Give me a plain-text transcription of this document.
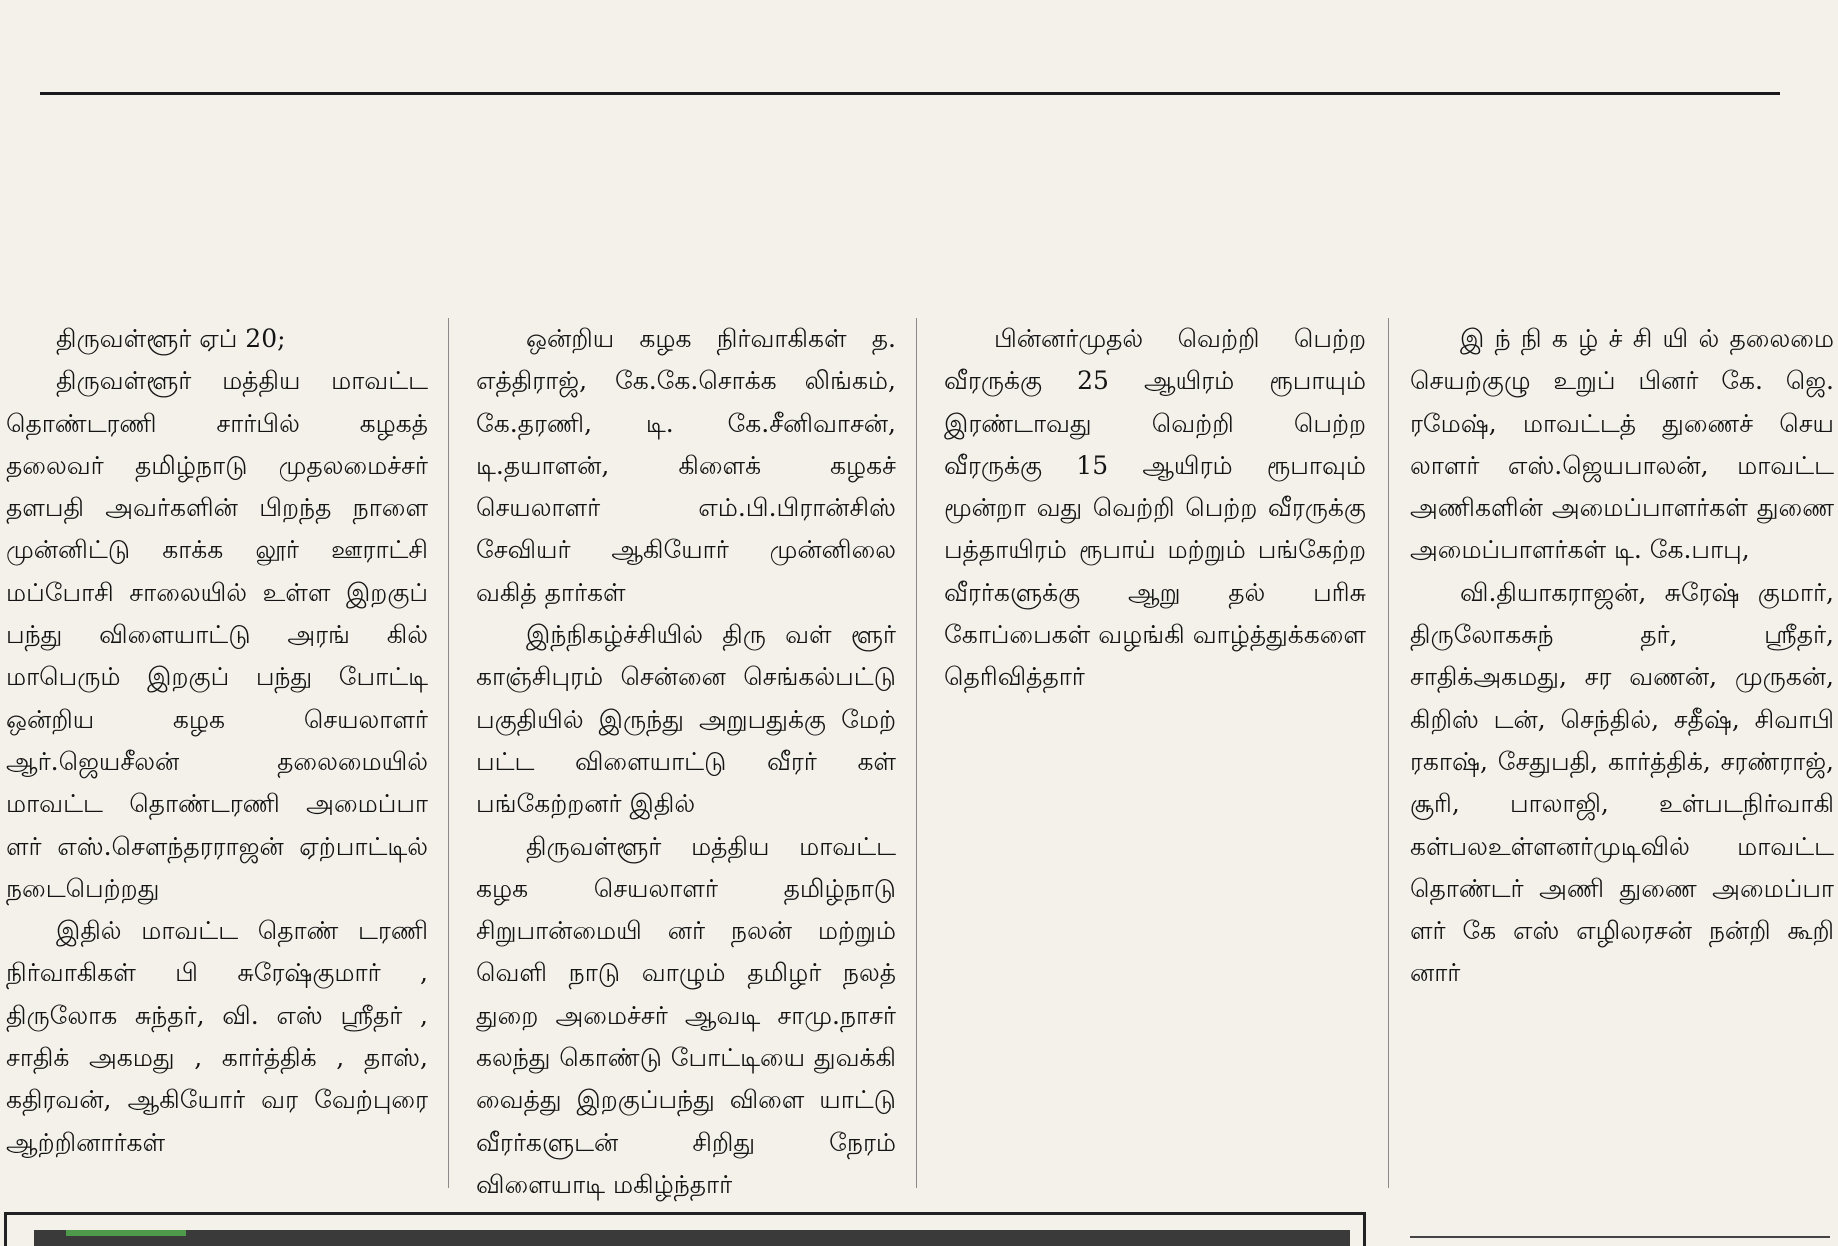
திருவள்ளூர் ஏப் 20;

திருவள்ளூர் மத்திய மாவட்ட தொண்டரணி சார்பில் கழகத் தலைவர் தமிழ்நாடு முதலமைச்சர் தளபதி அவர்களின் பிறந்த நாளை முன்னிட்டு காக்க லூர் ஊராட்சி மப்போசி சாலையில் உள்ள இறகுப் பந்து விளையாட்டு அரங் கில் மாபெரும் இறகுப் பந்து போட்டி ஒன்றிய கழக செயலாளர் ஆர்.ஜெயசீலன் தலைமையில் மாவட்ட தொண்டரணி அமைப்பா ளர் எஸ்.சௌந்தரராஜன் ஏற்பாட்டில் நடைபெற்றது

இதில் மாவட்ட தொண் டரணி நிர்வாகிகள் பி சுரேஷ்குமார் , திருலோக சுந்தர், வி. எஸ் ஸ்ரீதர் , சாதிக் அகமது , கார்த்திக் , தாஸ், கதிரவன், ஆகியோர் வர வேற்புரை ஆற்றினார்கள்

ஒன்றிய கழக நிர்வாகிகள் த. எத்திராஜ், கே.கே.சொக்க லிங்கம், கே.தரணி, டி. கே.சீனிவாசன், டி.தயாளன், கிளைக் கழகச் செயலாளர் எம்.பி.பிரான்சிஸ் சேவியர் ஆகியோர் முன்னிலை வகித் தார்கள்

இந்நிகழ்ச்சியில் திரு வள் ளூர் காஞ்சிபுரம் சென்னை செங்கல்பட்டு பகுதியில் இருந்து அறுபதுக்கு மேற் பட்ட விளையாட்டு வீரர் கள் பங்கேற்றனர் இதில்

திருவள்ளூர் மத்திய மாவட்ட கழக செயலாளர் தமிழ்நாடு சிறுபான்மையி னர் நலன் மற்றும் வெளி நாடு வாழும் தமிழர் நலத் துறை அமைச்சர் ஆவடி சாமு.நாசர் கலந்து கொண்டு போட்டியை துவக்கி வைத்து இறகுப்பந்து விளை யாட்டு வீரர்களுடன் சிறிது நேரம் விளையாடி மகிழ்ந்தார்

பின்னர்முதல் வெற்றி பெற்ற வீரருக்கு 25 ஆயிரம் ரூபாயும் இரண்டாவது வெற்றி பெற்ற வீரருக்கு 15 ஆயிரம் ரூபாவும் மூன்றா வது வெற்றி பெற்ற வீரருக்கு பத்தாயிரம் ரூபாய் மற்றும் பங்கேற்ற வீரர்களுக்கு ஆறு தல் பரிசு கோப்பைகள் வழங்கி வாழ்த்துக்களை தெரிவித்தார்

இ ந் நி க ழ் ச் சி யி ல் தலைமை செயற்குழு உறுப் பினர் கே. ஜெ. ரமேஷ், மாவட்டத் துணைச் செய லாளர் எஸ்.ஜெயபாலன், மாவட்ட அணிகளின் அமைப்பாளர்கள் துணை அமைப்பாளர்கள் டி. கே.பாபு,

வி.தியாகராஜன், சுரேஷ் குமார், திருலோகசுந் தர், ஸ்ரீதர், சாதிக்அகமது, சர வணன், முருகன், கிறிஸ் டன், செந்தில், சதீஷ், சிவாபி ரகாஷ், சேதுபதி, கார்த்திக், சரண்ராஜ், சூரி, பாலாஜி, உள்படநிர்வாகி கள்பலஉள்ளனர்முடிவில் மாவட்ட தொண்டர் அணி துணை அமைப்பா ளர் கே எஸ் எழிலரசன் நன்றி கூறி னார்
